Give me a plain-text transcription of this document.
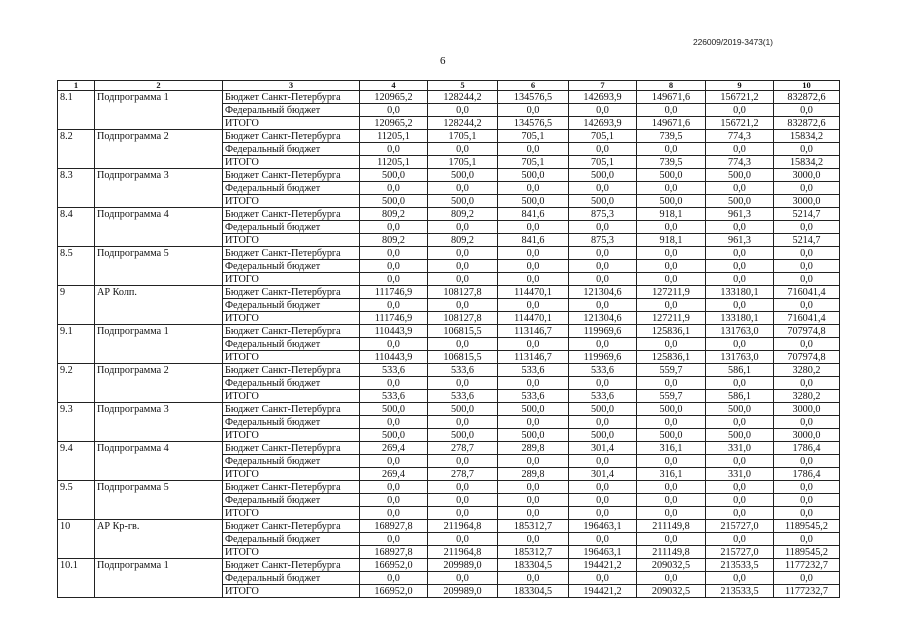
226009/2019-3473(1)
6
1	2	3	4	5	6	7	8	9	10
8.1	Подпрограмма 1	Бюджет Санкт-Петербурга	120965,2	128244,2	134576,5	142693,9	149671,6	156721,2	832872,6
		Федеральный бюджет	0,0	0,0	0,0	0,0	0,0	0,0	0,0
		ИТОГО	120965,2	128244,2	134576,5	142693,9	149671,6	156721,2	832872,6
8.2	Подпрограмма 2	Бюджет Санкт-Петербурга	11205,1	1705,1	705,1	705,1	739,5	774,3	15834,2
		Федеральный бюджет	0,0	0,0	0,0	0,0	0,0	0,0	0,0
		ИТОГО	11205,1	1705,1	705,1	705,1	739,5	774,3	15834,2
8.3	Подпрограмма 3	Бюджет Санкт-Петербурга	500,0	500,0	500,0	500,0	500,0	500,0	3000,0
		Федеральный бюджет	0,0	0,0	0,0	0,0	0,0	0,0	0,0
		ИТОГО	500,0	500,0	500,0	500,0	500,0	500,0	3000,0
8.4	Подпрограмма 4	Бюджет Санкт-Петербурга	809,2	809,2	841,6	875,3	918,1	961,3	5214,7
		Федеральный бюджет	0,0	0,0	0,0	0,0	0,0	0,0	0,0
		ИТОГО	809,2	809,2	841,6	875,3	918,1	961,3	5214,7
8.5	Подпрограмма 5	Бюджет Санкт-Петербурга	0,0	0,0	0,0	0,0	0,0	0,0	0,0
		Федеральный бюджет	0,0	0,0	0,0	0,0	0,0	0,0	0,0
		ИТОГО	0,0	0,0	0,0	0,0	0,0	0,0	0,0
9	АР Колп.	Бюджет Санкт-Петербурга	111746,9	108127,8	114470,1	121304,6	127211,9	133180,1	716041,4
		Федеральный бюджет	0,0	0,0	0,0	0,0	0,0	0,0	0,0
		ИТОГО	111746,9	108127,8	114470,1	121304,6	127211,9	133180,1	716041,4
9.1	Подпрограмма 1	Бюджет Санкт-Петербурга	110443,9	106815,5	113146,7	119969,6	125836,1	131763,0	707974,8
		Федеральный бюджет	0,0	0,0	0,0	0,0	0,0	0,0	0,0
		ИТОГО	110443,9	106815,5	113146,7	119969,6	125836,1	131763,0	707974,8
9.2	Подпрограмма 2	Бюджет Санкт-Петербурга	533,6	533,6	533,6	533,6	559,7	586,1	3280,2
		Федеральный бюджет	0,0	0,0	0,0	0,0	0,0	0,0	0,0
		ИТОГО	533,6	533,6	533,6	533,6	559,7	586,1	3280,2
9.3	Подпрограмма 3	Бюджет Санкт-Петербурга	500,0	500,0	500,0	500,0	500,0	500,0	3000,0
		Федеральный бюджет	0,0	0,0	0,0	0,0	0,0	0,0	0,0
		ИТОГО	500,0	500,0	500,0	500,0	500,0	500,0	3000,0
9.4	Подпрограмма 4	Бюджет Санкт-Петербурга	269,4	278,7	289,8	301,4	316,1	331,0	1786,4
		Федеральный бюджет	0,0	0,0	0,0	0,0	0,0	0,0	0,0
		ИТОГО	269,4	278,7	289,8	301,4	316,1	331,0	1786,4
9.5	Подпрограмма 5	Бюджет Санкт-Петербурга	0,0	0,0	0,0	0,0	0,0	0,0	0,0
		Федеральный бюджет	0,0	0,0	0,0	0,0	0,0	0,0	0,0
		ИТОГО	0,0	0,0	0,0	0,0	0,0	0,0	0,0
10	АР Кр-гв.	Бюджет Санкт-Петербурга	168927,8	211964,8	185312,7	196463,1	211149,8	215727,0	1189545,2
		Федеральный бюджет	0,0	0,0	0,0	0,0	0,0	0,0	0,0
		ИТОГО	168927,8	211964,8	185312,7	196463,1	211149,8	215727,0	1189545,2
10.1	Подпрограмма 1	Бюджет Санкт-Петербурга	166952,0	209989,0	183304,5	194421,2	209032,5	213533,5	1177232,7
		Федеральный бюджет	0,0	0,0	0,0	0,0	0,0	0,0	0,0
		ИТОГО	166952,0	209989,0	183304,5	194421,2	209032,5	213533,5	1177232,7
